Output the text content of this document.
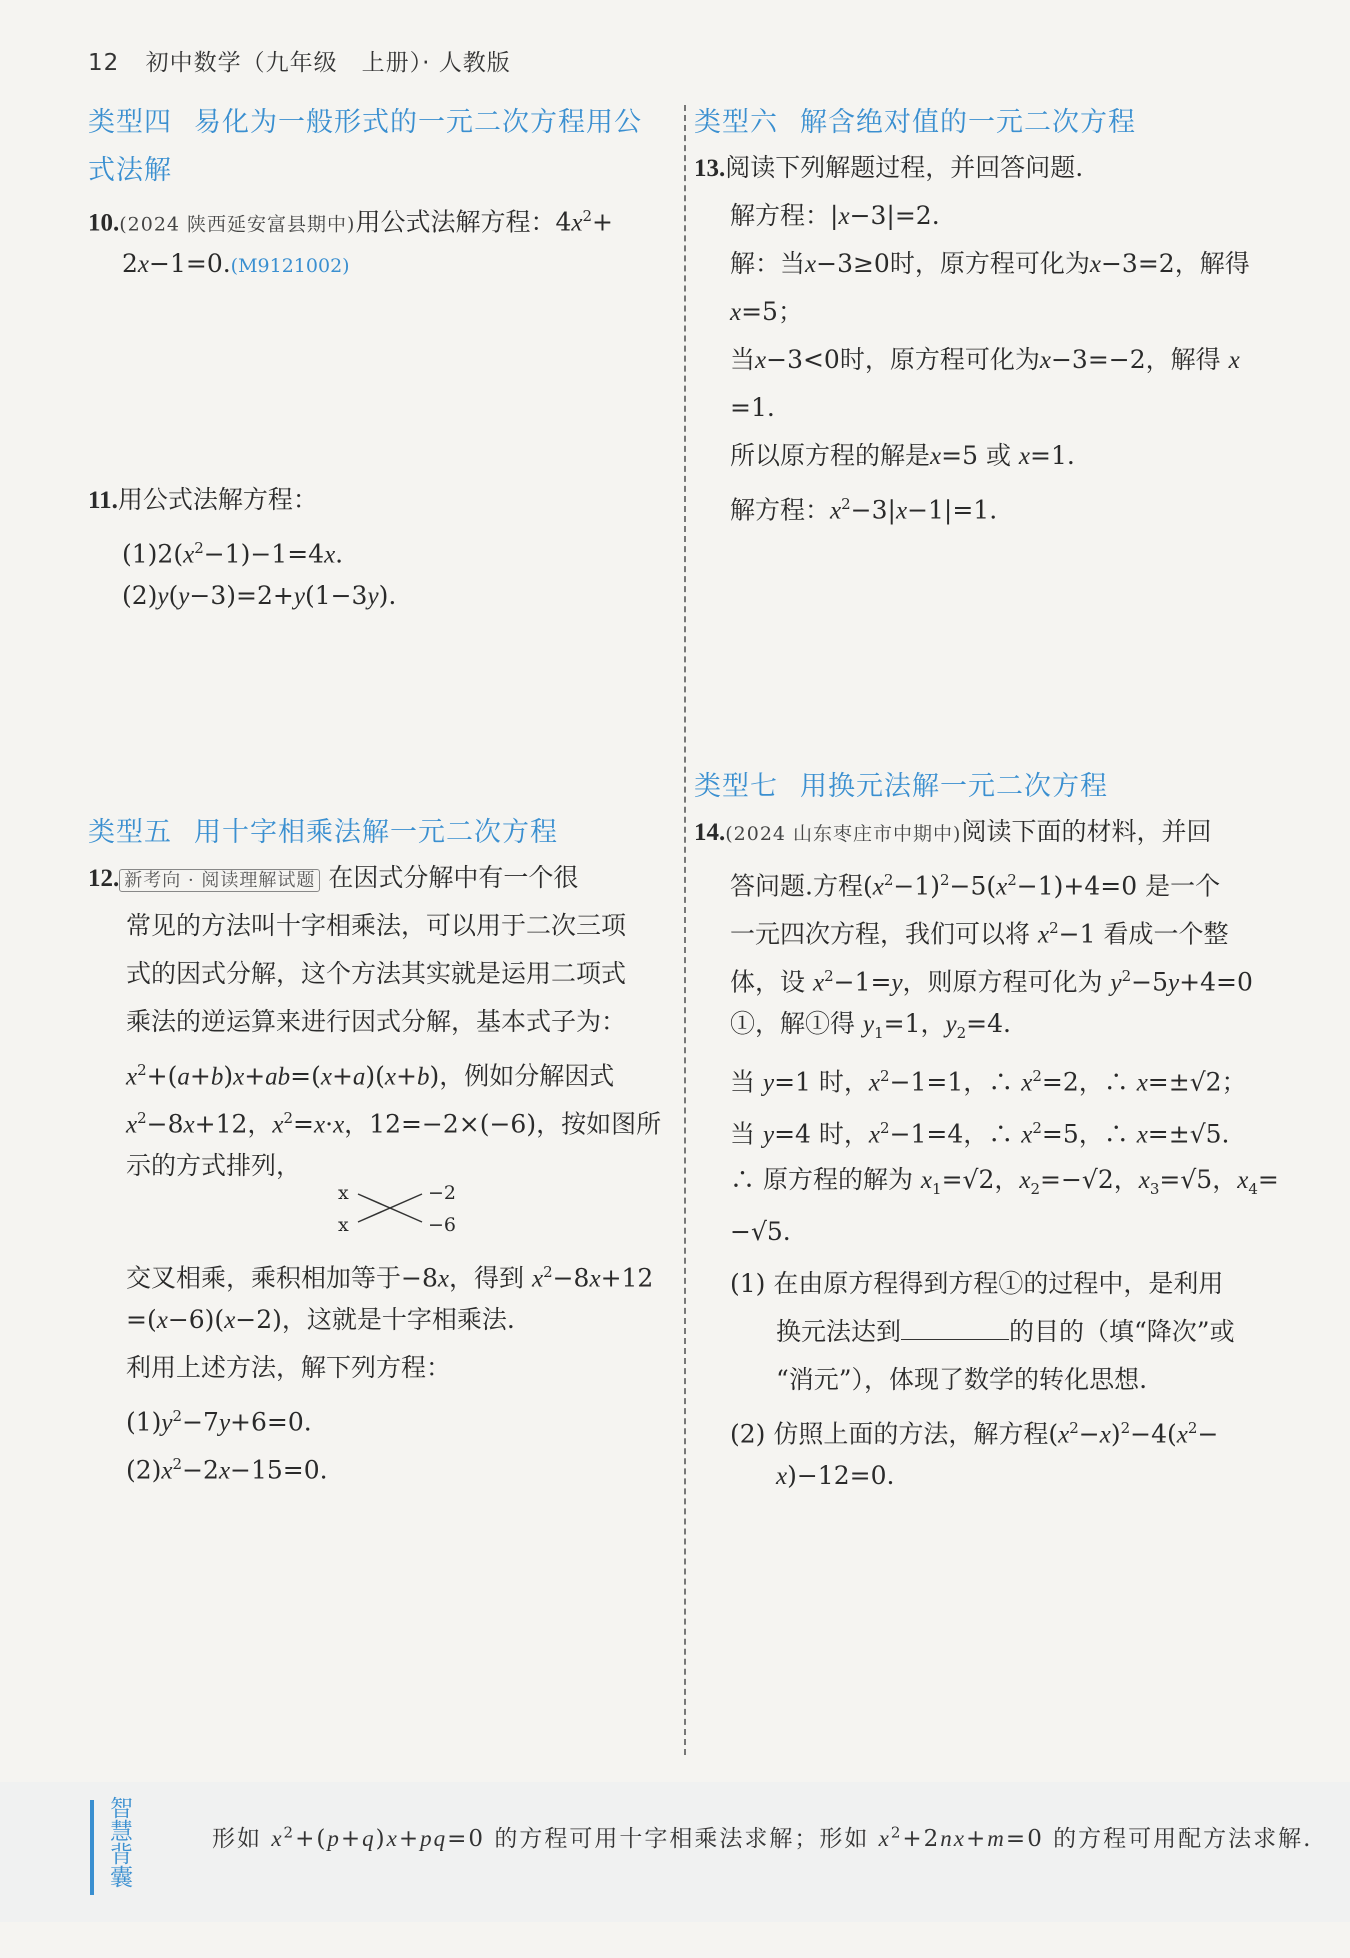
12 初中数学（九年级　上册）· 人教版
类型四 易化为一般形式的一元二次方程用公
式法解
10.(2024 陕西延安富县期中)用公式法解方程：$4x^2+$
2x−1=0.(M9121002)
11.用公式法解方程：
$(1)2(x^2-1)-1=4x$.
(2)y(y−3)=2+y(1−3y).
类型五 用十字相乘法解一元二次方程
12. 新考向 · 阅读理解试题 在因式分解中有一个很
常见的方法叫十字相乘法，可以用于二次三项
式的因式分解，这个方法其实就是运用二项式
乘法的逆运算来进行因式分解，基本式子为：
$x^2+(a+b)x+ab=(x+a)(x+b)$，例如分解因式
$x^2-8x+12$，$x^2=x\cdot x$，12=−2×(−6)，按如图所
示的方式排列，
x
x
−2
−6
交叉相乘，乘积相加等于−8x，得到 $x^2-8x+12$
=(x−6)(x−2)，这就是十字相乘法.
利用上述方法，解下列方程：
$(1)y^2-7y+6=0$.
$(2)x^2-2x-15=0$.
类型六 解含绝对值的一元二次方程
13.阅读下列解题过程，并回答问题.
解方程：|x−3|=2.
解：当x−3≥0时，原方程可化为x−3=2，解得
x=5；
当x−3<0时，原方程可化为x−3=−2，解得 x
=1.
所以原方程的解是x=5 或 x=1.
解方程：$x^2-3|x-1|=1$.
类型七 用换元法解一元二次方程
14.(2024 山东枣庄市中期中)阅读下面的材料，并回
答问题.方程$(x^2-1)^2-5(x^2-1)+4=0$ 是一个
一元四次方程，我们可以将 $x^2-1$ 看成一个整
体，设 $x^2-1=y$，则原方程可化为 $y^2-5y+4=0$
①，解①得 $y_1=1$，$y_2=4$.
当 y=1 时，$x^2-1=1$，∴ $x^2=2$，∴ x=±√2；
当 y=4 时，$x^2-1=4$，∴ $x^2=5$，∴ x=±√5.
∴ 原方程的解为 $x_1=√2$，$x_2=-√2$，$x_3=√5$，$x_4=$
−√5.
(1) 在由原方程得到方程①的过程中，是利用
换元法达到	的目的（填“降次”或
“消元”），体现了数学的转化思想.
(2) 仿照上面的方法，解方程$(x^2-x)^2-4(x^2-$
x)−12=0.
智慧背囊	形如 $x^2+(p+q)x+pq=0$ 的方程可用十字相乘法求解；形如 $x^2+2nx+m=0$ 的方程可用配方法求解.
